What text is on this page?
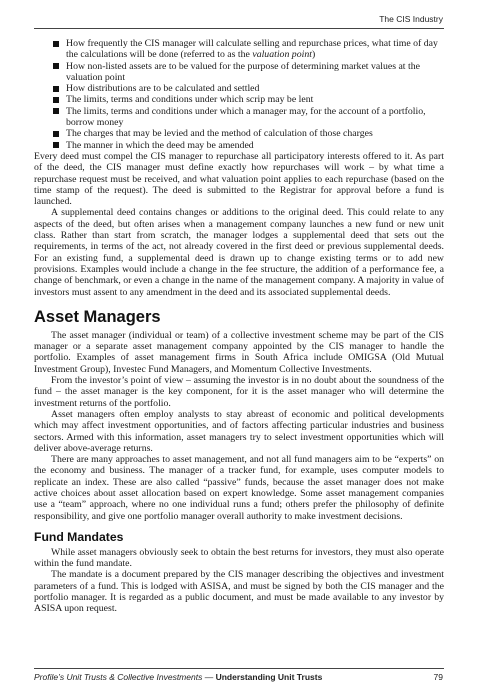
The CIS Industry
How frequently the CIS manager will calculate selling and repurchase prices, what time of day the calculations will be done (referred to as the valuation point)
How non-listed assets are to be valued for the purpose of determining market values at the valuation point
How distributions are to be calculated and settled
The limits, terms and conditions under which scrip may be lent
The limits, terms and conditions under which a manager may, for the account of a portfolio, borrow money
The charges that may be levied and the method of calculation of those charges
The manner in which the deed may be amended

Every deed must compel the CIS manager to repurchase all participatory interests offered to it. As part of the deed, the CIS manager must define exactly how repurchases will work – by what time a repurchase request must be received, and what valuation point applies to each repurchase (based on the time stamp of the request). The deed is submitted to the Registrar for approval before a fund is launched.

A supplemental deed contains changes or additions to the original deed. This could relate to any aspects of the deed, but often arises when a management company launches a new fund or new unit class. Rather than start from scratch, the manager lodges a supplemental deed that sets out the requirements, in terms of the act, not already covered in the first deed or previous supplemental deeds. For an existing fund, a supplemental deed is drawn up to change existing terms or to add new provisions. Examples would include a change in the fee structure, the addition of a performance fee, a change of benchmark, or even a change in the name of the management company. A majority in value of investors must assent to any amendment in the deed and its associated supplemental deeds.

Asset Managers

The asset manager (individual or team) of a collective investment scheme may be part of the CIS manager or a separate asset management company appointed by the CIS manager to handle the portfolio. Examples of asset management firms in South Africa include OMIGSA (Old Mutual Investment Group), Investec Fund Managers, and Momentum Collective Investments.

From the investor’s point of view – assuming the investor is in no doubt about the soundness of the fund – the asset manager is the key component, for it is the asset manager who will determine the investment returns of the portfolio.

Asset managers often employ analysts to stay abreast of economic and political developments which may affect investment opportunities, and of factors affecting particular industries and business sectors. Armed with this information, asset managers try to select investment opportunities which will deliver above-average returns.

There are many approaches to asset management, and not all fund managers aim to be “experts” on the economy and business. The manager of a tracker fund, for example, uses computer models to replicate an index. These are also called “passive” funds, because the asset manager does not make active choices about asset allocation based on expert knowledge. Some asset management companies use a “team” approach, where no one individual runs a fund; others prefer the philosophy of definite responsibility, and give one portfolio manager overall authority to make investment decisions.

Fund Mandates

While asset managers obviously seek to obtain the best returns for investors, they must also operate within the fund mandate.

The mandate is a document prepared by the CIS manager describing the objectives and investment parameters of a fund. This is lodged with ASISA, and must be signed by both the CIS manager and the portfolio manager. It is regarded as a public document, and must be made available to any investor by ASISA upon request.

Profile’s Unit Trusts & Collective Investments — Understanding Unit Trusts	79
